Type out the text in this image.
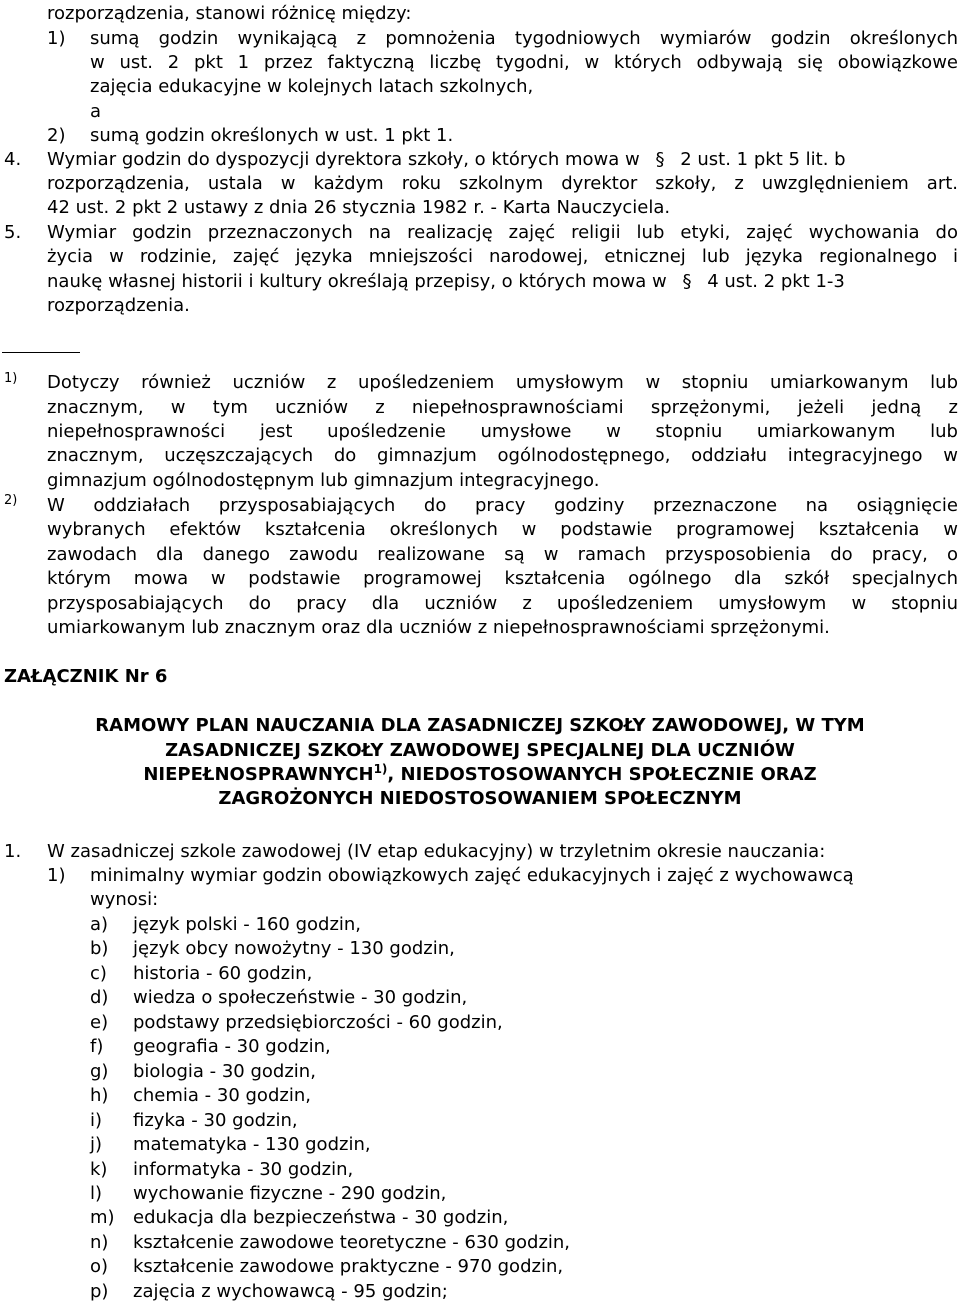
rozporządzenia, stanowi różnicę między:
1) sumą godzin wynikającą z pomnożenia tygodniowych wymiarów godzin określonych
w ust. 2 pkt 1 przez faktyczną liczbę tygodni, w których odbywają się obowiązkowe
zajęcia edukacyjne w kolejnych latach szkolnych,
a
2) sumą godzin określonych w ust. 1 pkt 1.
4. Wymiar godzin do dyspozycji dyrektora szkoły, o których mowa w § 2 ust. 1 pkt 5 lit. b
rozporządzenia, ustala w każdym roku szkolnym dyrektor szkoły, z uwzględnieniem art.
42 ust. 2 pkt 2 ustawy z dnia 26 stycznia 1982 r. - Karta Nauczyciela.
5. Wymiar godzin przeznaczonych na realizację zajęć religii lub etyki, zajęć wychowania do
życia w rodzinie, zajęć języka mniejszości narodowej, etnicznej lub języka regionalnego i
naukę własnej historii i kultury określają przepisy, o których mowa w § 4 ust. 2 pkt 1-3
rozporządzenia.
1) Dotyczy również uczniów z upośledzeniem umysłowym w stopniu umiarkowanym lub
znacznym, w tym uczniów z niepełnosprawnościami sprzężonymi, jeżeli jedną z
niepełnosprawności jest upośledzenie umysłowe w stopniu umiarkowanym lub
znacznym, uczęszczających do gimnazjum ogólnodostępnego, oddziału integracyjnego w
gimnazjum ogólnodostępnym lub gimnazjum integracyjnego.
2) W oddziałach przysposabiających do pracy godziny przeznaczone na osiągnięcie
wybranych efektów kształcenia określonych w podstawie programowej kształcenia w
zawodach dla danego zawodu realizowane są w ramach przysposobienia do pracy, o
którym mowa w podstawie programowej kształcenia ogólnego dla szkół specjalnych
przysposabiających do pracy dla uczniów z upośledzeniem umysłowym w stopniu
umiarkowanym lub znacznym oraz dla uczniów z niepełnosprawnościami sprzężonymi.
ZAŁĄCZNIK Nr 6
RAMOWY PLAN NAUCZANIA DLA ZASADNICZEJ SZKOŁY ZAWODOWEJ, W TYM
ZASADNICZEJ SZKOŁY ZAWODOWEJ SPECJALNEJ DLA UCZNIÓW
NIEPEŁNOSPRAWNYCH$^{1)}$, NIEDOSTOSOWANYCH SPOŁECZNIE ORAZ
ZAGROŻONYCH NIEDOSTOSOWANIEM SPOŁECZNYM
1. W zasadniczej szkole zawodowej (IV etap edukacyjny) w trzyletnim okresie nauczania:
1) minimalny wymiar godzin obowiązkowych zajęć edukacyjnych i zajęć z wychowawcą
wynosi:
a) język polski - 160 godzin,
b) język obcy nowożytny - 130 godzin,
c) historia - 60 godzin,
d) wiedza o społeczeństwie - 30 godzin,
e) podstawy przedsiębiorczości - 60 godzin,
f) geografia - 30 godzin,
g) biologia - 30 godzin,
h) chemia - 30 godzin,
i) fizyka - 30 godzin,
j) matematyka - 130 godzin,
k) informatyka - 30 godzin,
l) wychowanie fizyczne - 290 godzin,
m) edukacja dla bezpieczeństwa - 30 godzin,
n) kształcenie zawodowe teoretyczne - 630 godzin,
o) kształcenie zawodowe praktyczne - 970 godzin,
p) zajęcia z wychowawcą - 95 godzin;
